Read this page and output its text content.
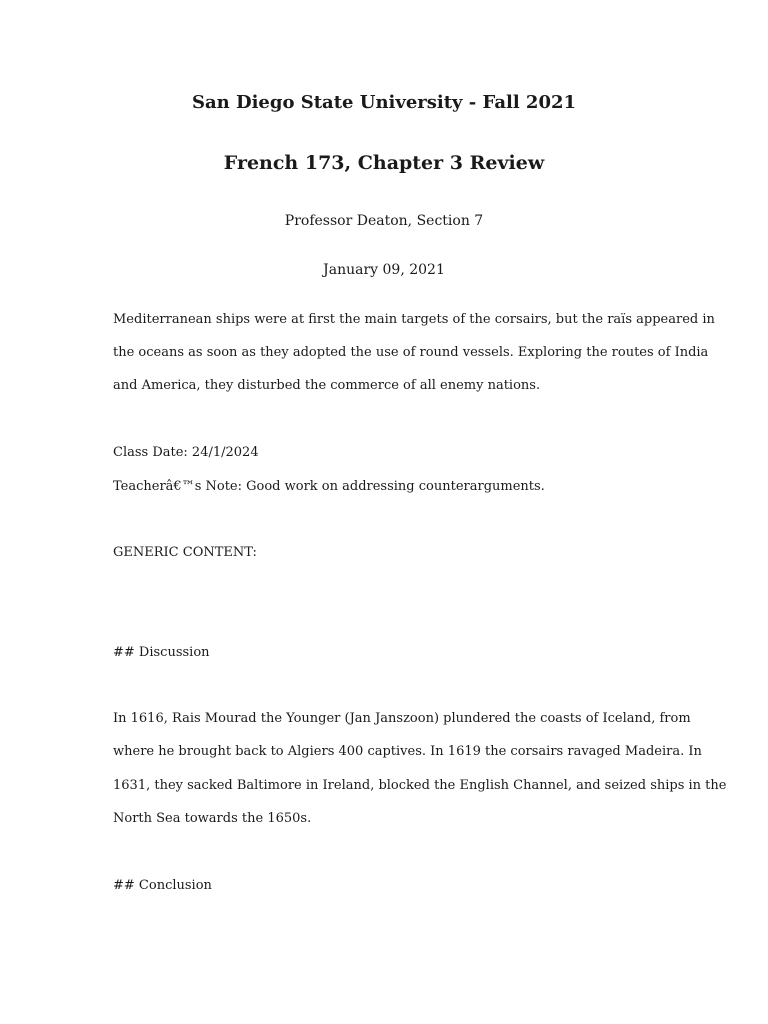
San Diego State University - Fall 2021
French 173, Chapter 3 Review
Professor Deaton, Section 7
January 09, 2021
Mediterranean ships were at first the main targets of the corsairs, but the raïs appeared in
the oceans as soon as they adopted the use of round vessels. Exploring the routes of India
and America, they disturbed the commerce of all enemy nations.
Class Date: 24/1/2024
Teacherâ€™s Note: Good work on addressing counterarguments.
GENERIC CONTENT:
## Discussion
In 1616, Rais Mourad the Younger (Jan Janszoon) plundered the coasts of Iceland, from
where he brought back to Algiers 400 captives. In 1619 the corsairs ravaged Madeira. In
1631, they sacked Baltimore in Ireland, blocked the English Channel, and seized ships in the
North Sea towards the 1650s.
## Conclusion
